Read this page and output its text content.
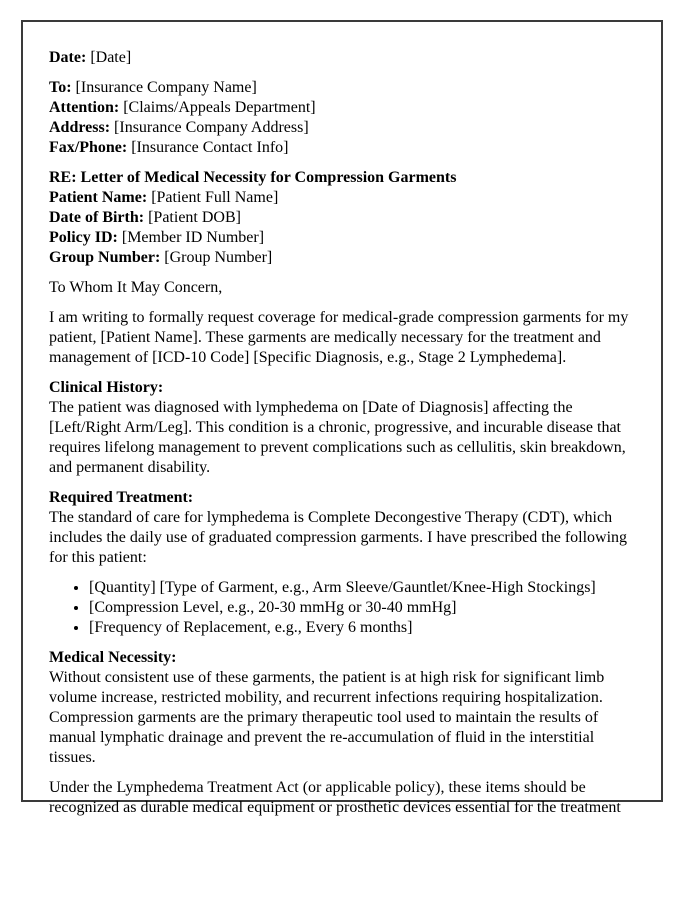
Date: [Date]

To: [Insurance Company Name]
Attention: [Claims/Appeals Department]
Address: [Insurance Company Address]
Fax/Phone: [Insurance Contact Info]

RE: Letter of Medical Necessity for Compression Garments
Patient Name: [Patient Full Name]
Date of Birth: [Patient DOB]
Policy ID: [Member ID Number]
Group Number: [Group Number]

To Whom It May Concern,

I am writing to formally request coverage for medical-grade compression garments for my patient, [Patient Name]. These garments are medically necessary for the treatment and management of [ICD-10 Code] [Specific Diagnosis, e.g., Stage 2 Lymphedema].

Clinical History:
The patient was diagnosed with lymphedema on [Date of Diagnosis] affecting the [Left/Right Arm/Leg]. This condition is a chronic, progressive, and incurable disease that requires lifelong management to prevent complications such as cellulitis, skin breakdown, and permanent disability.

Required Treatment:
The standard of care for lymphedema is Complete Decongestive Therapy (CDT), which includes the daily use of graduated compression garments. I have prescribed the following for this patient:

• [Quantity] [Type of Garment, e.g., Arm Sleeve/Gauntlet/Knee-High Stockings]
• [Compression Level, e.g., 20-30 mmHg or 30-40 mmHg]
• [Frequency of Replacement, e.g., Every 6 months]

Medical Necessity:
Without consistent use of these garments, the patient is at high risk for significant limb volume increase, restricted mobility, and recurrent infections requiring hospitalization. Compression garments are the primary therapeutic tool used to maintain the results of manual lymphatic drainage and prevent the re-accumulation of fluid in the interstitial tissues.

Under the Lymphedema Treatment Act (or applicable policy), these items should be recognized as durable medical equipment or prosthetic devices essential for the treatment
